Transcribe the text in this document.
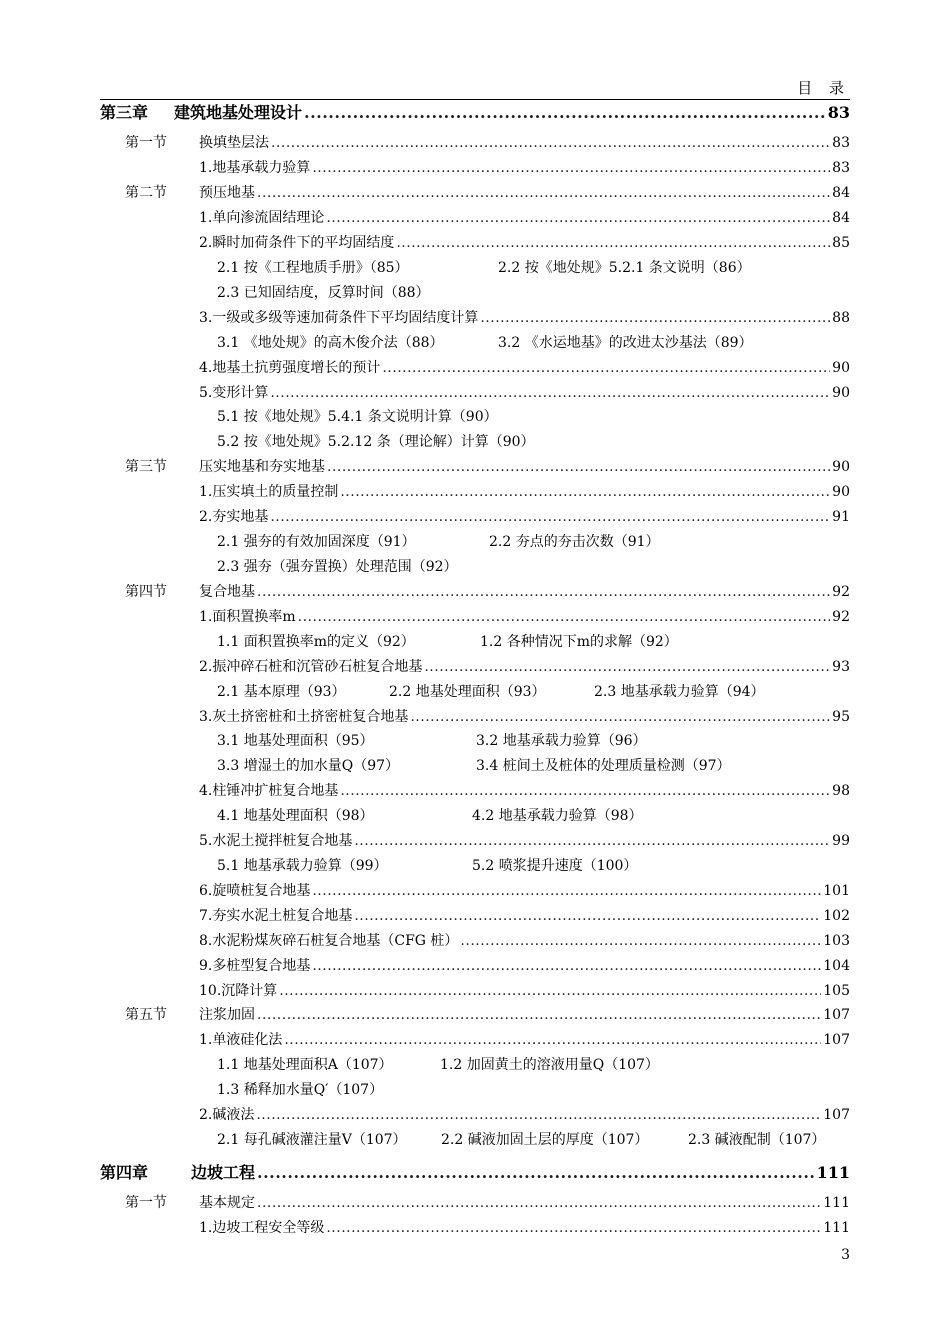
目 录
第三章 建筑地基处理设计 .....	83
第一节 换填垫层法 .....	83
1.地基承载力验算 .....	83
第二节 预压地基 .....	84
1.单向渗流固结理论 .....	84
2.瞬时加荷条件下的平均固结度 .....	85
2.1 按《工程地质手册》（85）	2.2 按《地处规》5.2.1 条文说明（86）
2.3 已知固结度，反算时间（88）
3.一级或多级等速加荷条件下平均固结度计算 .....	88
3.1 《地处规》的高木俊介法（88）	3.2 《水运地基》的改进太沙基法（89）
4.地基土抗剪强度增长的预计 .....	90
5.变形计算 .....	90
5.1 按《地处规》5.4.1 条文说明计算（90）
5.2 按《地处规》5.2.12 条（理论解）计算（90）
第三节 压实地基和夯实地基 .....	90
1.压实填土的质量控制 .....	90
2.夯实地基 .....	91
2.1 强夯的有效加固深度（91）	2.2 夯点的夯击次数（91）
2.3 强夯（强夯置换）处理范围（92）
第四节 复合地基 .....	92
1.面积置换率m .....	92
1.1 面积置换率m的定义（92）	1.2 各种情况下m的求解（92）
2.振冲碎石桩和沉管砂石桩复合地基 .....	93
2.1 基本原理（93）	2.2 地基处理面积（93）	2.3 地基承载力验算（94）
3.灰土挤密桩和土挤密桩复合地基 .....	95
3.1 地基处理面积（95）	3.2 地基承载力验算（96）
3.3 增湿土的加水量Q（97）	3.4 桩间土及桩体的处理质量检测（97）
4.柱锤冲扩桩复合地基 .....	98
4.1 地基处理面积（98）	4.2 地基承载力验算（98）
5.水泥土搅拌桩复合地基 .....	99
5.1 地基承载力验算（99）	5.2 喷浆提升速度（100）
6.旋喷桩复合地基 .....	101
7.夯实水泥土桩复合地基 .....	102
8.水泥粉煤灰碎石桩复合地基（CFG 桩） .....	103
9.多桩型复合地基 .....	104
10.沉降计算 .....	105
第五节 注浆加固 .....	107
1.单液硅化法 .....	107
1.1 地基处理面积A（107）	1.2 加固黄土的溶液用量Q（107）
1.3 稀释加水量Q′（107）
2.碱液法 .....	107
2.1 每孔碱液灌注量V（107） 2.2 碱液加固土层的厚度（107）	2.3 碱液配制（107）
第四章	边坡工程 .....	111
第一节 基本规定 .....	111
1.边坡工程安全等级 .....	111
3
